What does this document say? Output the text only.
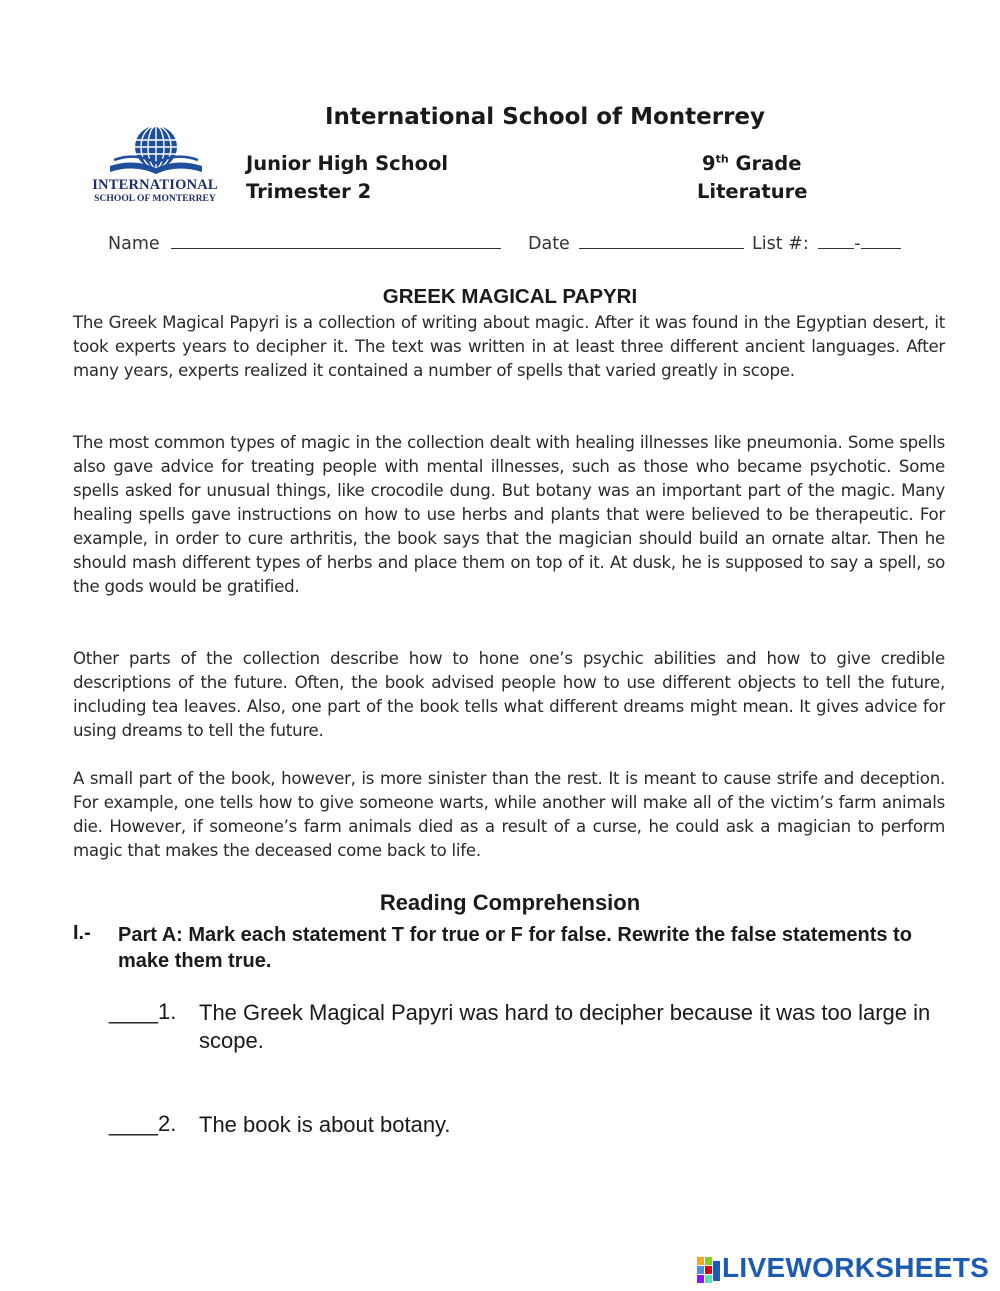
International School of Monterrey
INTERNATIONAL
SCHOOL OF MONTERREY
Junior High School
Trimester 2
9th Grade
Literature
Name	Date	List #:	-
GREEK MAGICAL PAPYRI

The Greek Magical Papyri is a collection of writing about magic. After it was found in the Egyptian desert, it took experts years to decipher it. The text was written in at least three different ancient languages. After many years, experts realized it contained a number of spells that varied greatly in scope.

The most common types of magic in the collection dealt with healing illnesses like pneumonia. Some spells also gave advice for treating people with mental illnesses, such as those who became psychotic. Some spells asked for unusual things, like crocodile dung. But botany was an important part of the magic. Many healing spells gave instructions on how to use herbs and plants that were believed to be therapeutic. For example, in order to cure arthritis, the book says that the magician should build an ornate altar. Then he should mash different types of herbs and place them on top of it. At dusk, he is supposed to say a spell, so the gods would be gratified.

Other parts of the collection describe how to hone one’s psychic abilities and how to give credible descriptions of the future. Often, the book advised people how to use different objects to tell the future, including tea leaves. Also, one part of the book tells what different dreams might mean. It gives advice for using dreams to tell the future.

A small part of the book, however, is more sinister than the rest. It is meant to cause strife and deception. For example, one tells how to give someone warts, while another will make all of the victim’s farm animals die. However, if someone’s farm animals died as a result of a curse, he could ask a magician to perform magic that makes the deceased come back to life.

Reading Comprehension
I.- Part A: Mark each statement T for true or F for false. Rewrite the false statements to make them true.
____1. The Greek Magical Papyri was hard to decipher because it was too large in scope.
____2. The book is about botany.
LIVEWORKSHEETS
